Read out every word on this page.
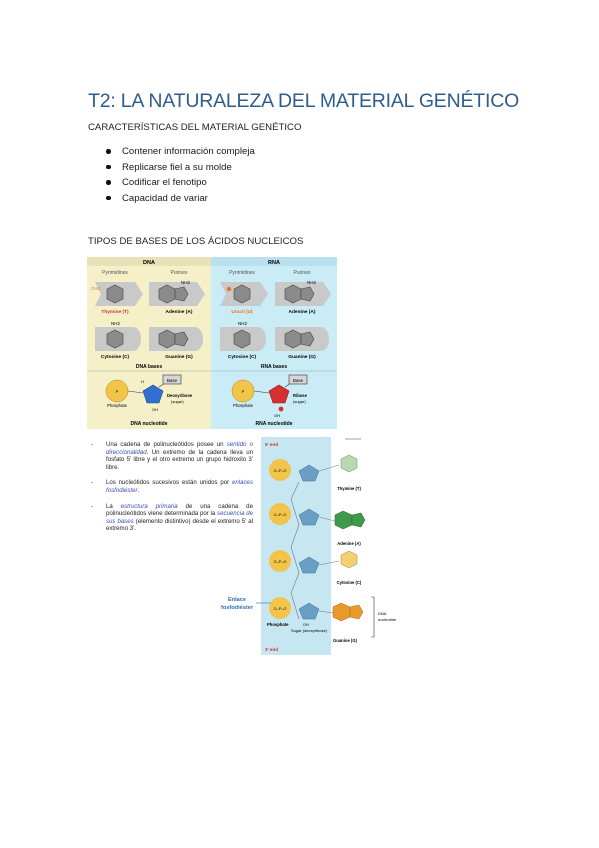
T2: LA NATURALEZA DEL MATERIAL GENÉTICO
CARACTERÍSTICAS DEL MATERIAL GENÉTICO
Contener información compleja
Replicarse fiel a su molde
Codificar el fenotipo
Capacidad de variar
TIPOS DE BASES DE LOS ÁCIDOS NUCLEICOS
DNA	RNA
Pyrimidines	Purines	Pyrimidines	Purines
CH3
Thymine (T)
NH2
Adenine (A)	Uracil (U)
NH2
Adenine (A)
NH2
Cytosine (C)	Guanine (G)
NH2
Cytosine (C)	Guanine (G)
DNA bases	RNA bases
P
Phosphate
H
OH
Base
Deoxyribose
(sugar)
DNA nucleotide
P
Phosphate
OH
Base
Ribose
(sugar)
RNA nucleotide
- Una cadena de polinucleótidos posee un sentido o direccionalidad. Un extremo de la cadena lleva un fosfato 5' libre y el otro extremo un grupo hidroxilo 3' libre.
- Los nucleótidos sucesivos están unidos por enlaces fosfodiéster.
- La estructura primaria de una cadena de polinucleótidos viene determinada por la secuencia de sus bases (elemento distintivo) desde el extremo 5' al extremo 3'.
5' end
3' end
O–P–O
Thymine (T)
O–P–O
Adenine (A)
O–P–O
Cytosine (C)
O–P–O
Guanine (G)
Phosphate
Sugar (deoxyribose)
OH
DNA
nucleotide
Enlace
fosfodiéster
